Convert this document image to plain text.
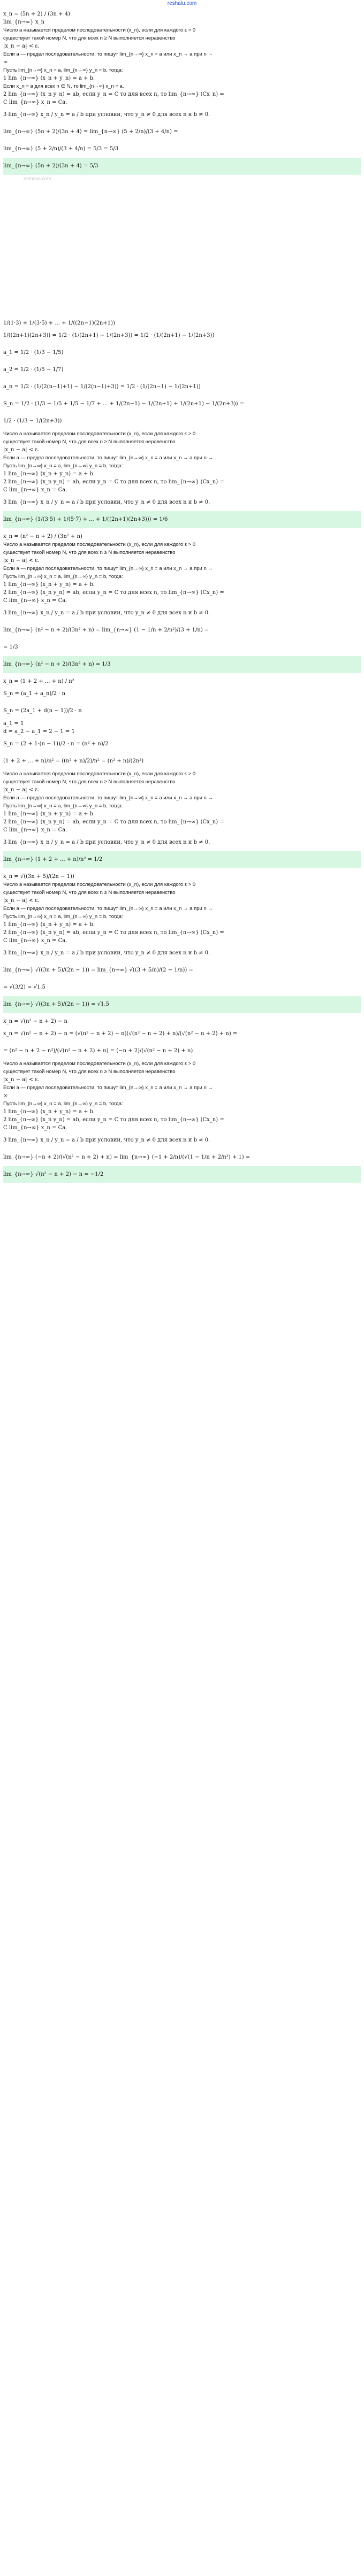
reshalu.com

x_n = (5n + 2) / (3n + 4)

lim_{n→∞} x_n

Число a называется пределом последовательности (x_n), если для каждого ε > 0

существует такой номер N, что для всех n ≥ N выполняется неравенство

|x_n − a| < ε.

Если a — предел последовательности, то пишут lim_{n→∞} x_n = a или x_n → a при n →

∞

Пусть lim_{n→∞} x_n = a, lim_{n→∞} y_n = b, тогда:

1 lim_{n→∞} (x_n + y_n) = a + b.

Если x_n = a для всех n ∈ ℕ, то lim_{n→∞} x_n = a.

2 lim_{n→∞} (x_n y_n) = ab, если y_n = C то для всех n, то lim_{n→∞} (Cx_n) =

C lim_{n→∞} x_n = Ca.

3 lim_{n→∞} x_n / y_n = a / b при условии, что y_n ≠ 0 для всех n и b ≠ 0.

lim_{n→∞} (5n + 2)/(3n + 4) = lim_{n→∞} (5 + 2/n)/(3 + 4/n) =

lim_{n→∞} (5 + 2/n)/(3 + 4/n) = 5/3 = 5/3

lim_{n→∞} (5n + 2)/(3n + 4) = 5/3

reshaka.com

1/(1·3) + 1/(3·5) + ... + 1/((2n−1)(2n+1))

1/((2n+1)(2n+3)) = 1/2 · (1/(2n+1) − 1/(2n+3)) = 1/2 · (1/(2n+1) − 1/(2n+3))

a_1 = 1/2 · (1/3 − 1/5)

a_2 = 1/2 · (1/5 − 1/7)

a_n = 1/2 · (1/(2(n−1)+1) − 1/(2(n−1)+3)) = 1/2 · (1/(2n−1) − 1/(2n+1))

S_n = 1/2 · (1/3 − 1/5 + 1/5 − 1/7 + ... + 1/(2n−1) − 1/(2n+1) + 1/(2n+1) − 1/(2n+3)) =

1/2 · (1/3 − 1/(2n+3))

Число a называется пределом последовательности (x_n), если для каждого ε > 0

существует такой номер N, что для всех n ≥ N выполняется неравенство

|x_n − a| < ε.

Если a — предел последовательности, то пишут lim_{n→∞} x_n = a или x_n → a при n →

Пусть lim_{n→∞} x_n = a, lim_{n→∞} y_n = b, тогда:

1 lim_{n→∞} (x_n + y_n) = a + b.

2 lim_{n→∞} (x_n y_n) = ab, если y_n = C то для всех n, то lim_{n→∞} (Cx_n) =

C lim_{n→∞} x_n = Ca.

3 lim_{n→∞} x_n / y_n = a / b при условии, что y_n ≠ 0 для всех n и b ≠ 0.

lim_{n→∞} (1/(3·5) + 1/(5·7) + ... + 1/((2n+1)(2n+3))) = 1/6

x_n = (n² − n + 2) / (3n² + n)

Число a называется пределом последовательности (x_n), если для каждого ε > 0

существует такой номер N, что для всех n ≥ N выполняется неравенство

|x_n − a| < ε.

Если a — предел последовательности, то пишут lim_{n→∞} x_n = a или x_n → a при n →

Пусть lim_{n→∞} x_n = a, lim_{n→∞} y_n = b, тогда:

1 lim_{n→∞} (x_n + y_n) = a + b.

2 lim_{n→∞} (x_n y_n) = ab, если y_n = C то для всех n, то lim_{n→∞} (Cx_n) =

C lim_{n→∞} x_n = Ca.

3 lim_{n→∞} x_n / y_n = a / b при условии, что y_n ≠ 0 для всех n и b ≠ 0.

lim_{n→∞} (n² − n + 2)/(3n² + n) = lim_{n→∞} (1 − 1/n + 2/n²)/(3 + 1/n) =

= 1/3

lim_{n→∞} (n² − n + 2)/(3n² + n) = 1/3

x_n = (1 + 2 + ... + n) / n²

S_n = (a_1 + a_n)/2 · n

S_n = (2a_1 + d(n − 1))/2 · n

a_1 = 1

d = a_2 − a_1 = 2 − 1 = 1

S_n = (2 + 1·(n − 1))/2 · n = (n² + n)/2

(1 + 2 + ... + n)/n² = ((n² + n)/2)/n² = (n² + n)/(2n²)

Число a называется пределом последовательности (x_n), если для каждого ε > 0

существует такой номер N, что для всех n ≥ N выполняется неравенство

|x_n − a| < ε.

Если a — предел последовательности, то пишут lim_{n→∞} x_n = a или x_n → a при n →

Пусть lim_{n→∞} x_n = a, lim_{n→∞} y_n = b, тогда:

1 lim_{n→∞} (x_n + y_n) = a + b.

2 lim_{n→∞} (x_n y_n) = ab, если y_n = C то для всех n, то lim_{n→∞} (Cx_n) =

C lim_{n→∞} x_n = Ca.

3 lim_{n→∞} x_n / y_n = a / b при условии, что y_n ≠ 0 для всех n и b ≠ 0.

lim_{n→∞} (1 + 2 + ... + n)/n² = 1/2

x_n = √((3n + 5)/(2n − 1))

Число a называется пределом последовательности (x_n), если для каждого ε > 0

существует такой номер N, что для всех n ≥ N выполняется неравенство

|x_n − a| < ε.

Если a — предел последовательности, то пишут lim_{n→∞} x_n = a или x_n → a при n →

Пусть lim_{n→∞} x_n = a, lim_{n→∞} y_n = b, тогда:

1 lim_{n→∞} (x_n + y_n) = a + b.

2 lim_{n→∞} (x_n y_n) = ab, если y_n = C то для всех n, то lim_{n→∞} (Cx_n) =

C lim_{n→∞} x_n = Ca.

3 lim_{n→∞} x_n / y_n = a / b при условии, что y_n ≠ 0 для всех n и b ≠ 0.

lim_{n→∞} √((3n + 5)/(2n − 1)) = lim_{n→∞} √((3 + 5/n)/(2 − 1/n)) =

= √(3/2) = √1.5

lim_{n→∞} √((3n + 5)/(2n − 1)) = √1.5

x_n = √(n² − n + 2) − n

x_n = √(n² − n + 2) − n = (√(n² − n + 2) − n)(√(n² − n + 2) + n)/(√(n² − n + 2) + n) =

= (n² − n + 2 − n²)/(√(n² − n + 2) + n) = (−n + 2)/(√(n² − n + 2) + n)

Число a называется пределом последовательности (x_n), если для каждого ε > 0

существует такой номер N, что для всех n ≥ N выполняется неравенство

|x_n − a| < ε.

Если a — предел последовательности, то пишут lim_{n→∞} x_n = a или x_n → a при n →

∞

Пусть lim_{n→∞} x_n = a, lim_{n→∞} y_n = b, тогда:

1 lim_{n→∞} (x_n + y_n) = a + b.

2 lim_{n→∞} (x_n y_n) = ab, если y_n = C то для всех n, то lim_{n→∞} (Cx_n) =

C lim_{n→∞} x_n = Ca.

3 lim_{n→∞} x_n / y_n = a / b при условии, что y_n ≠ 0 для всех n и b ≠ 0.

lim_{n→∞} (−n + 2)/(√(n² − n + 2) + n) = lim_{n→∞} (−1 + 2/n)/(√(1 − 1/n + 2/n²) + 1) =

lim_{n→∞} √(n² − n + 2) − n = −1/2
